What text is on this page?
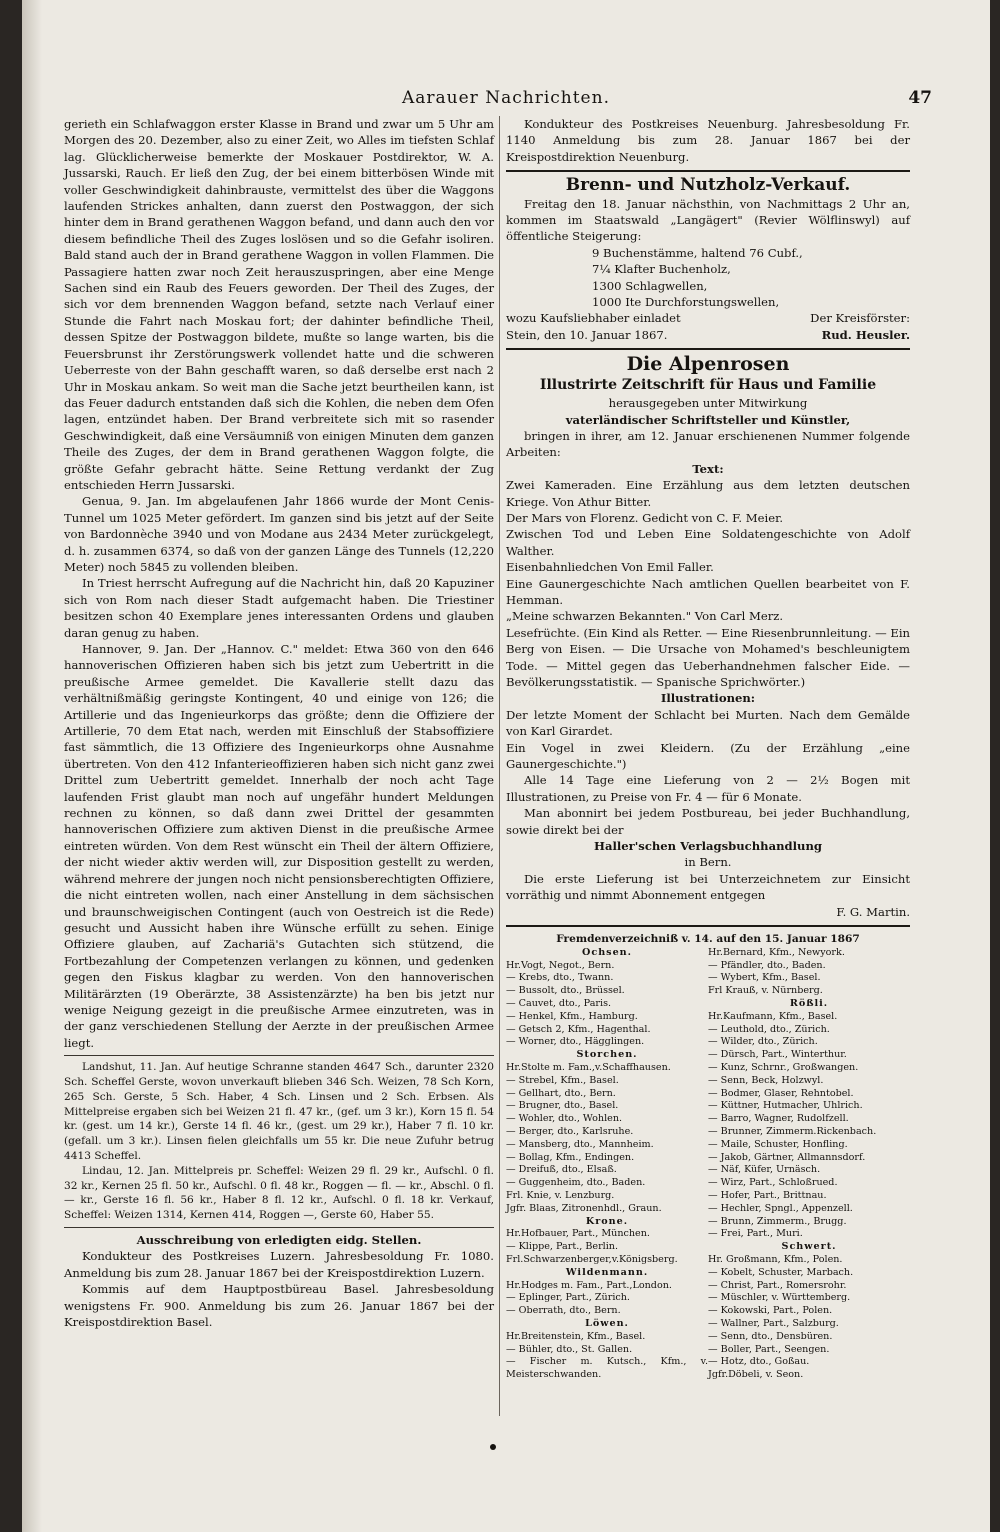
Aarauer Nachrichten.	47

gerieth ein Schlafwaggon erster Klasse in Brand und zwar um 5 Uhr am Morgen des 20. Dezember, also zu einer Zeit, wo Alles im tiefsten Schlaf lag. Glücklicherweise bemerkte der Moskauer Postdirektor, W. A. Jussarski, Rauch. Er ließ den Zug, der bei einem bitterbösen Winde mit voller Geschwindigkeit dahinbrauste, vermittelst des über die Waggons laufenden Strickes anhalten, dann zuerst den Postwaggon, der sich hinter dem in Brand gerathenen Waggon befand, und dann auch den vor diesem befindliche Theil des Zuges loslösen und so die Gefahr isoliren. Bald stand auch der in Brand gerathene Waggon in vollen Flammen. Die Passagiere hatten zwar noch Zeit herauszuspringen, aber eine Menge Sachen sind ein Raub des Feuers geworden. Der Theil des Zuges, der sich vor dem brennenden Waggon befand, setzte nach Verlauf einer Stunde die Fahrt nach Moskau fort; der dahinter befindliche Theil, dessen Spitze der Postwaggon bildete, mußte so lange warten, bis die Feuersbrunst ihr Zerstörungswerk vollendet hatte und die schweren Ueberreste von der Bahn geschafft waren, so daß derselbe erst nach 2 Uhr in Moskau ankam. So weit man die Sache jetzt beurtheilen kann, ist das Feuer dadurch entstanden daß sich die Kohlen, die neben dem Ofen lagen, entzündet haben. Der Brand verbreitete sich mit so rasender Geschwindigkeit, daß eine Versäumniß von einigen Minuten dem ganzen Theile des Zuges, der dem in Brand gerathenen Waggon folgte, die größte Gefahr gebracht hätte. Seine Rettung verdankt der Zug entschieden Herrn Jussarski.

Genua, 9. Jan. Im abgelaufenen Jahr 1866 wurde der Mont Cenis-Tunnel um 1025 Meter gefördert. Im ganzen sind bis jetzt auf der Seite von Bardonnèche 3940 und von Modane aus 2434 Meter zurückgelegt, d. h. zusammen 6374, so daß von der ganzen Länge des Tunnels (12,220 Meter) noch 5845 zu vollenden bleiben.

In Triest herrscht Aufregung auf die Nachricht hin, daß 20 Kapuziner sich von Rom nach dieser Stadt aufgemacht haben. Die Triestiner besitzen schon 40 Exemplare jenes interessanten Ordens und glauben daran genug zu haben.

Hannover, 9. Jan. Der „Hannov. C." meldet: Etwa 360 von den 646 hannoverischen Offizieren haben sich bis jetzt zum Uebertritt in die preußische Armee gemeldet. Die Kavallerie stellt dazu das verhältnißmäßig geringste Kontingent, 40 und einige von 126; die Artillerie und das Ingenieurkorps das größte; denn die Offiziere der Artillerie, 70 dem Etat nach, werden mit Einschluß der Stabsoffiziere fast sämmtlich, die 13 Offiziere des Ingenieurkorps ohne Ausnahme übertreten. Von den 412 Infanterieoffizieren haben sich nicht ganz zwei Drittel zum Uebertritt gemeldet. Innerhalb der noch acht Tage laufenden Frist glaubt man noch auf ungefähr hundert Meldungen rechnen zu können, so daß dann zwei Drittel der gesammten hannoverischen Offiziere zum aktiven Dienst in die preußische Armee eintreten würden. Von dem Rest wünscht ein Theil der ältern Offiziere, der nicht wieder aktiv werden will, zur Disposition gestellt zu werden, während mehrere der jungen noch nicht pensionsberechtigten Offiziere, die nicht eintreten wollen, nach einer Anstellung in dem sächsischen und braunschweigischen Contingent (auch von Oestreich ist die Rede) gesucht und Aussicht haben ihre Wünsche erfüllt zu sehen. Einige Offiziere glauben, auf Zachariä's Gutachten sich stützend, die Fortbezahlung der Competenzen verlangen zu können, und gedenken gegen den Fiskus klagbar zu werden. Von den hannoverischen Militärärzten (19 Oberärzte, 38 Assistenzärzte) ha ben bis jetzt nur wenige Neigung gezeigt in die preußische Armee einzutreten, was in der ganz verschiedenen Stellung der Aerzte in der preußischen Armee liegt.

Landshut, 11. Jan. Auf heutige Schranne standen 4647 Sch., darunter 2320 Sch. Scheffel Gerste, wovon unverkauft blieben 346 Sch. Weizen, 78 Sch Korn, 265 Sch. Gerste, 5 Sch. Haber, 4 Sch. Linsen und 2 Sch. Erbsen. Als Mittelpreise ergaben sich bei Weizen 21 fl. 47 kr., (gef. um 3 kr.), Korn 15 fl. 54 kr. (gest. um 14 kr.), Gerste 14 fl. 46 kr., (gest. um 29 kr.), Haber 7 fl. 10 kr. (gefall. um 3 kr.). Linsen fielen gleichfalls um 55 kr. Die neue Zufuhr betrug 4413 Scheffel.

Lindau, 12. Jan. Mittelpreis pr. Scheffel: Weizen 29 fl. 29 kr., Aufschl. 0 fl. 32 kr., Kernen 25 fl. 50 kr., Aufschl. 0 fl. 48 kr., Roggen — fl. — kr., Abschl. 0 fl. — kr., Gerste 16 fl. 56 kr., Haber 8 fl. 12 kr., Aufschl. 0 fl. 18 kr. Verkauf, Scheffel: Weizen 1314, Kernen 414, Roggen —, Gerste 60, Haber 55.

Ausschreibung von erledigten eidg. Stellen.

Kondukteur des Postkreises Luzern. Jahresbesoldung Fr. 1080. Anmeldung bis zum 28. Januar 1867 bei der Kreispostdirektion Luzern.

Kommis auf dem Hauptpostbüreau Basel. Jahresbesoldung wenigstens Fr. 900. Anmeldung bis zum 26. Januar 1867 bei der Kreispostdirektion Basel.

Kondukteur des Postkreises Neuenburg. Jahresbesoldung Fr. 1140 Anmeldung bis zum 28. Januar 1867 bei der Kreispostdirektion Neuenburg.

Brenn- und Nutzholz-Verkauf.

Freitag den 18. Januar nächsthin, von Nachmittags 2 Uhr an, kommen im Staatswald „Langägert" (Revier Wölflinswyl) auf öffentliche Steigerung:

9 Buchenstämme, haltend 76 Cubf.,
7¼ Klafter Buchenholz,
1300 Schlagwellen,
1000 Ite Durchforstungswellen,
wozu Kaufsliebhaber einladet	Der Kreisförster:
Stein, den 10. Januar 1867.	Rud. Heusler.
Die Alpenrosen
Illustrirte Zeitschrift für Haus und Familie
herausgegeben unter Mitwirkung
vaterländischer Schriftsteller und Künstler,

bringen in ihrer, am 12. Januar erschienenen Nummer folgende Arbeiten:

Text:

Zwei Kameraden. Eine Erzählung aus dem letzten deutschen Kriege. Von Athur Bitter.

Der Mars von Florenz. Gedicht von C. F. Meier.

Zwischen Tod und Leben Eine Soldatengeschichte von Adolf Walther.

Eisenbahnliedchen Von Emil Faller.

Eine Gaunergeschichte Nach amtlichen Quellen bearbeitet von F. Hemman.

„Meine schwarzen Bekannten." Von Carl Merz.

Lesefrüchte. (Ein Kind als Retter. — Eine Riesenbrunnleitung. — Ein Berg von Eisen. — Die Ursache von Mohamed's beschleunigtem Tode. — Mittel gegen das Ueberhandnehmen falscher Eide. — Bevölkerungsstatistik. — Spanische Sprichwörter.)

Illustrationen:

Der letzte Moment der Schlacht bei Murten. Nach dem Gemälde von Karl Girardet.

Ein Vogel in zwei Kleidern. (Zu der Erzählung „eine Gaunergeschichte.")

Alle 14 Tage eine Lieferung von 2 — 2½ Bogen mit Illustrationen, zu Preise von Fr. 4 — für 6 Monate.

Man abonnirt bei jedem Postbureau, bei jeder Buchhandlung, sowie direkt bei der

Haller'schen Verlagsbuchhandlung
in Bern.

Die erste Lieferung ist bei Unterzeichnetem zur Einsicht vorräthig und nimmt Abonnement entgegen

F. G. Martin.
Fremdenverzeichniß v. 14. auf den 15. Januar 1867
Ochsen.
Hr.Vogt, Negot., Bern.
— Krebs, dto., Twann.
— Bussolt, dto., Brüssel.
— Cauvet, dto., Paris.
— Henkel, Kfm., Hamburg.
— Getsch 2, Kfm., Hagenthal.
— Worner, dto., Hägglingen.
Storchen.
Hr.Stolte m. Fam.,v.Schaffhausen.
— Strebel, Kfm., Basel.
— Gellhart, dto., Bern.
— Brugner, dto., Basel.
— Wohler, dto., Wohlen.
— Berger, dto., Karlsruhe.
— Mansberg, dto., Mannheim.
— Bollag, Kfm., Endingen.
— Dreifuß, dto., Elsaß.
— Guggenheim, dto., Baden.
Frl. Knie, v. Lenzburg.
Jgfr. Blaas, Zitronenhdl., Graun.
Krone.
Hr.Hofbauer, Part., München.
— Klippe, Part., Berlin.
Frl.Schwarzenberger,v.Königsberg.
Wildenmann.
Hr.Hodges m. Fam., Part.,London.
— Eplinger, Part., Zürich.
— Oberrath, dto., Bern.
Löwen.
Hr.Breitenstein, Kfm., Basel.
— Bühler, dto., St. Gallen.
— Fischer m. Kutsch., Kfm., v. Meisterschwanden.
Hr.Bernard, Kfm., Newyork.
— Pfändler, dto., Baden.
— Wybert, Kfm., Basel.
Frl Krauß, v. Nürnberg.
Rößli.
Hr.Kaufmann, Kfm., Basel.
— Leuthold, dto., Zürich.
— Wilder, dto., Zürich.
— Dürsch, Part., Winterthur.
— Kunz, Schrnr., Großwangen.
— Senn, Beck, Holzwyl.
— Bodmer, Glaser, Rehntobel.
— Küttner, Hutmacher, Uhlrich.
— Barro, Wagner, Rudolfzell.
— Brunner, Zimmerm.Rickenbach.
— Maile, Schuster, Honfling.
— Jakob, Gärtner, Allmannsdorf.
— Näf, Küfer, Urnäsch.
— Wirz, Part., Schloßrued.
— Hofer, Part., Brittnau.
— Hechler, Spngl., Appenzell.
— Brunn, Zimmerm., Brugg.
— Frei, Part., Muri.
Schwert.
Hr. Großmann, Kfm., Polen.
— Kobelt, Schuster, Marbach.
— Christ, Part., Romersrohr.
— Müschler, v. Württemberg.
— Kokowski, Part., Polen.
— Wallner, Part., Salzburg.
— Senn, dto., Densbüren.
— Boller, Part., Seengen.
— Hotz, dto., Goßau.
Jgfr.Döbeli, v. Seon.
